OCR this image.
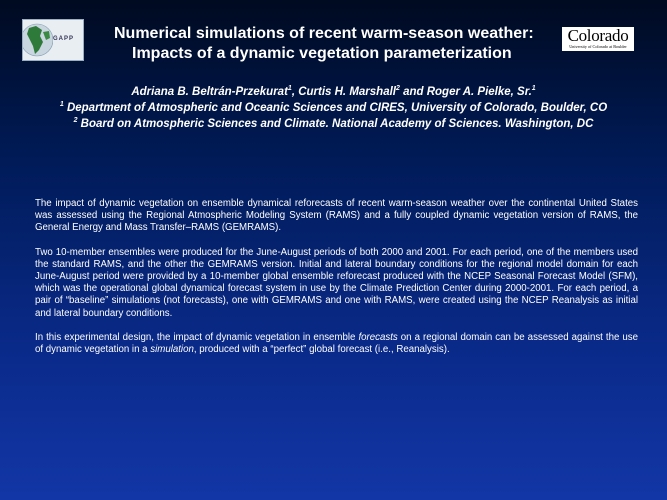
GAPP	Numerical simulations of recent warm-season weather:
Impacts of a dynamic vegetation parameterization
Colorado
University of Colorado at Boulder
Adriana B. Beltrán-Przekurat$^1$, Curtis H. Marshall$^2$ and Roger A. Pielke, Sr.$^1$
$^1$ Department of Atmospheric and Oceanic Sciences and CIRES, University of Colorado, Boulder, CO
$^2$ Board on Atmospheric Sciences and Climate. National Academy of Sciences. Washington, DC

The impact of dynamic vegetation on ensemble dynamical reforecasts of recent warm-season weather over the continental United States was assessed using the Regional Atmospheric Modeling System (RAMS) and a fully coupled dynamic vegetation version of RAMS, the General Energy and Mass Transfer–RAMS (GEMRAMS).

Two 10-member ensembles were produced for the June-August periods of both 2000 and 2001. For each period, one of the members used the standard RAMS, and the other the GEMRAMS version. Initial and lateral boundary conditions for the regional model domain for each June-August period were provided by a 10-member global ensemble reforecast produced with the NCEP Seasonal Forecast Model (SFM), which was the operational global dynamical forecast system in use by the Climate Prediction Center during 2000-2001. For each period, a pair of “baseline” simulations (not forecasts), one with GEMRAMS and one with RAMS, were created using the NCEP Reanalysis as initial and lateral boundary conditions.

In this experimental design, the impact of dynamic vegetation in ensemble forecasts on a regional domain can be assessed against the use of dynamic vegetation in a simulation, produced with a “perfect” global forecast (i.e., Reanalysis).
